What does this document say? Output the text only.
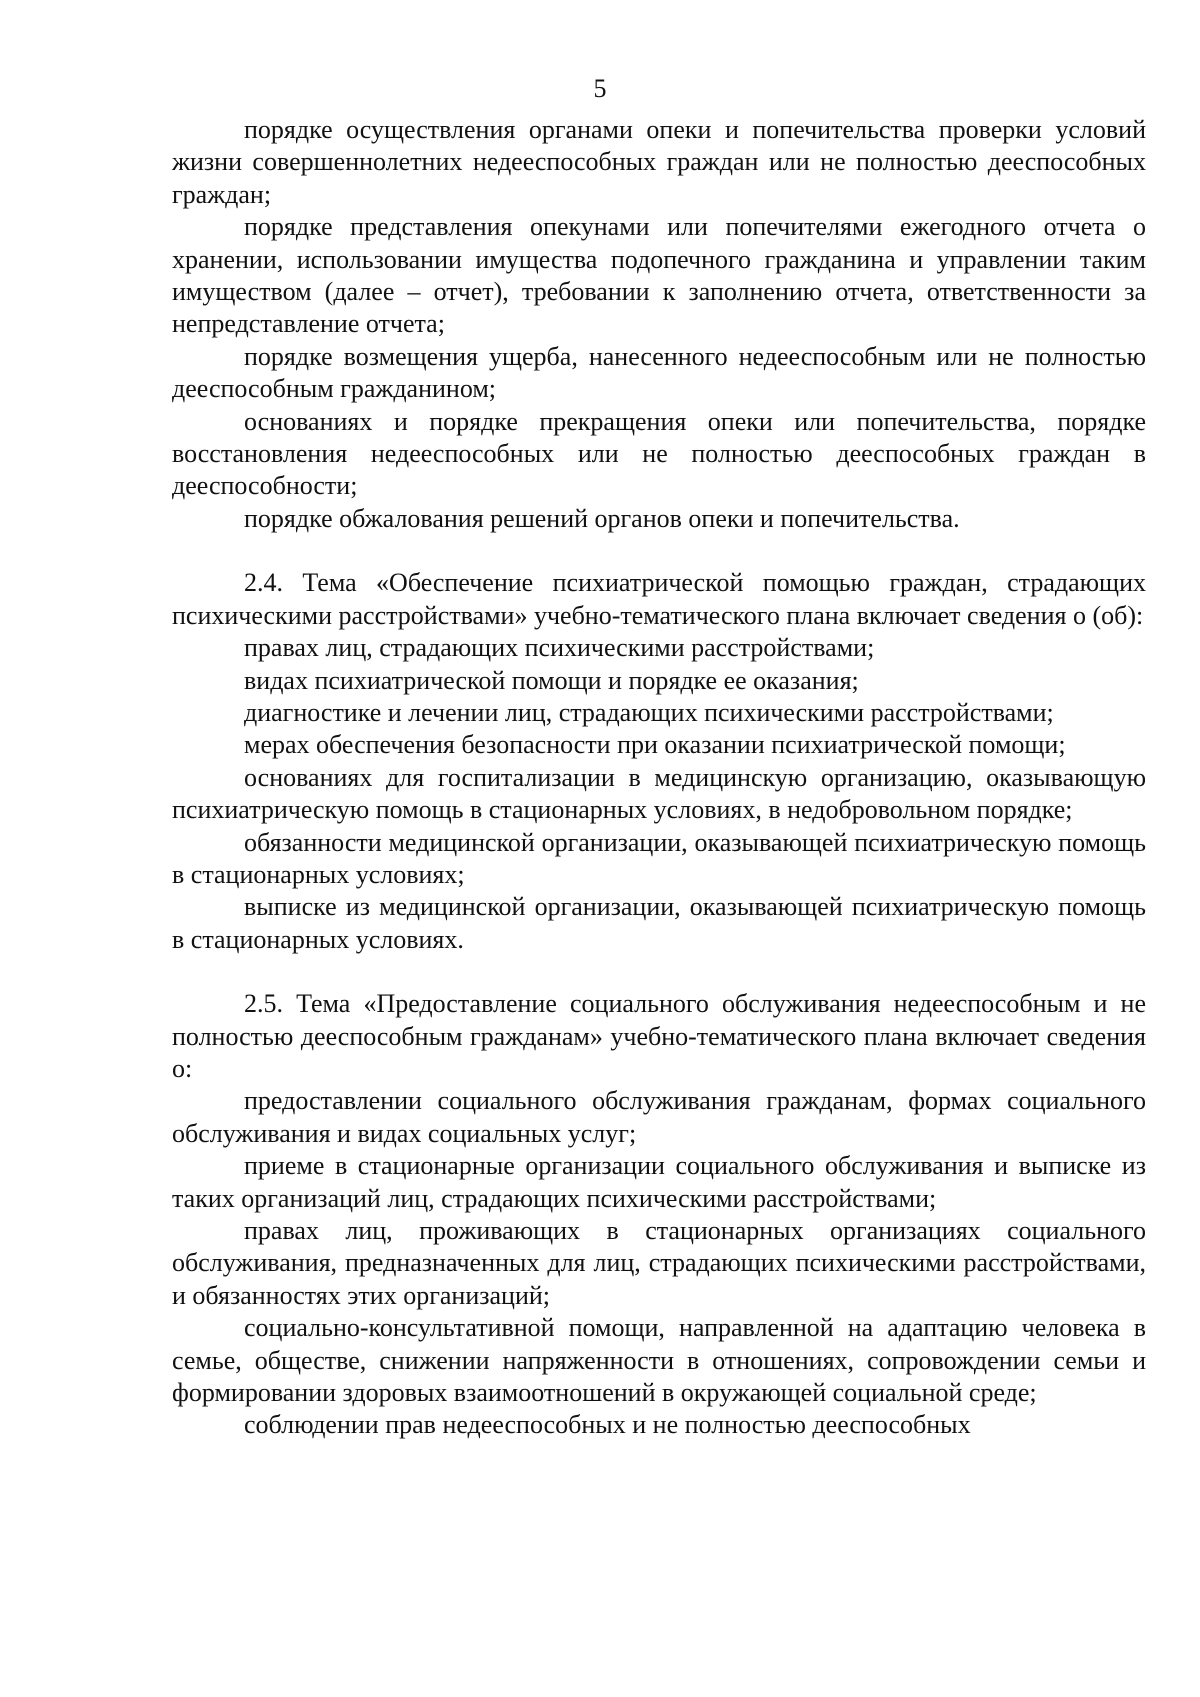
5

порядке осуществления органами опеки и попечительства проверки условий жизни совершеннолетних недееспособных граждан или не полностью дееспособных граждан;

порядке представления опекунами или попечителями ежегодного отчета о хранении, использовании имущества подопечного гражданина и управлении таким имуществом (далее – отчет), требовании к заполнению отчета, ответственности за непредставление отчета;

порядке возмещения ущерба, нанесенного недееспособным или не полностью дееспособным гражданином;

основаниях и порядке прекращения опеки или попечительства, порядке восстановления недееспособных или не полностью дееспособных граждан в дееспособности;

порядке обжалования решений органов опеки и попечительства.

2.4. Тема «Обеспечение психиатрической помощью граждан, страдающих психическими расстройствами» учебно-тематического плана включает сведения о (об):

правах лиц, страдающих психическими расстройствами;

видах психиатрической помощи и порядке ее оказания;

диагностике и лечении лиц, страдающих психическими расстройствами;

мерах обеспечения безопасности при оказании психиатрической помощи;

основаниях для госпитализации в медицинскую организацию, оказывающую психиатрическую помощь в стационарных условиях, в недобровольном порядке;

обязанности медицинской организации, оказывающей психиатрическую помощь в стационарных условиях;

выписке из медицинской организации, оказывающей психиатрическую помощь в стационарных условиях.

2.5. Тема «Предоставление социального обслуживания недееспособным и не полностью дееспособным гражданам» учебно-тематического плана включает сведения о:

предоставлении социального обслуживания гражданам, формах социального обслуживания и видах социальных услуг;

приеме в стационарные организации социального обслуживания и выписке из таких организаций лиц, страдающих психическими расстройствами;

правах лиц, проживающих в стационарных организациях социального обслуживания, предназначенных для лиц, страдающих психическими расстройствами, и обязанностях этих организаций;

социально-консультативной помощи, направленной на адаптацию человека в семье, обществе, снижении напряженности в отношениях, сопровождении семьи и формировании здоровых взаимоотношений в окружающей социальной среде;

соблюдении прав недееспособных и не полностью дееспособных
